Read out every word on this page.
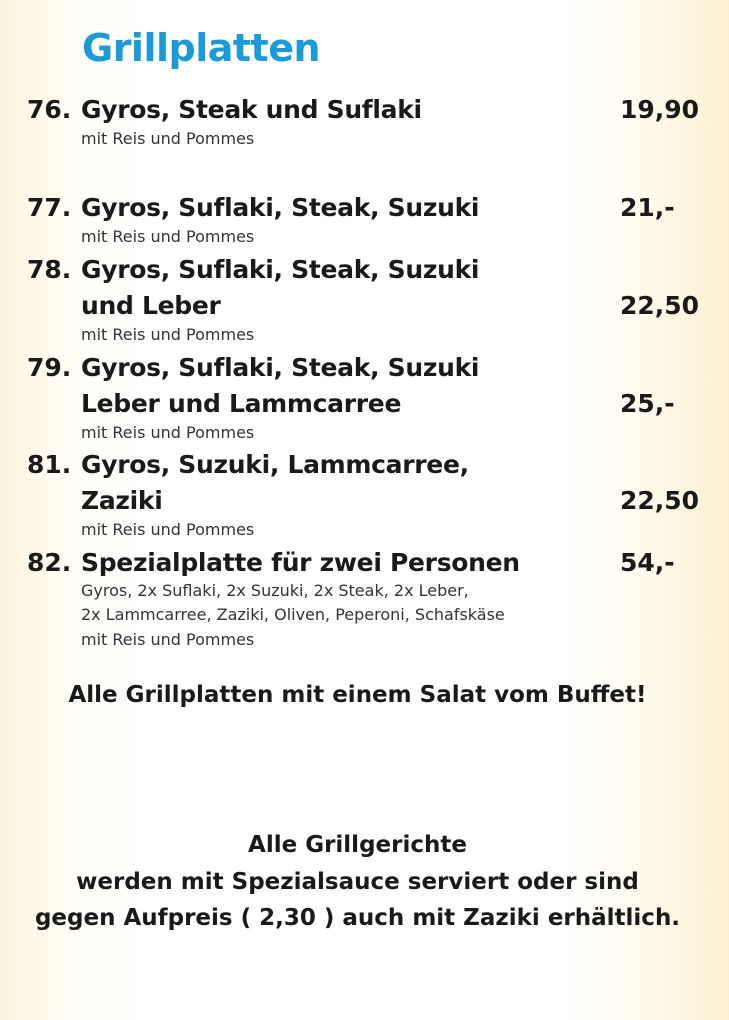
Grillplatten
76. Gyros, Steak und Suflaki	19,90
mit Reis und Pommes
77. Gyros, Suflaki, Steak, Suzuki	21,-
mit Reis und Pommes
78. Gyros, Suflaki, Steak, Suzuki
und Leber	22,50
mit Reis und Pommes
79. Gyros, Suflaki, Steak, Suzuki
Leber und Lammcarree	25,-
mit Reis und Pommes
81. Gyros, Suzuki, Lammcarree,
Zaziki	22,50
mit Reis und Pommes
82. Spezialplatte für zwei Personen	54,-
Gyros, 2x Suflaki, 2x Suzuki, 2x Steak, 2x Leber,
2x Lammcarree, Zaziki, Oliven, Peperoni, Schafskäse
mit Reis und Pommes
Alle Grillplatten mit einem Salat vom Buffet!
Alle Grillgerichte
werden mit Spezialsauce serviert oder sind
gegen Aufpreis ( 2,30 ) auch mit Zaziki erhältlich.
